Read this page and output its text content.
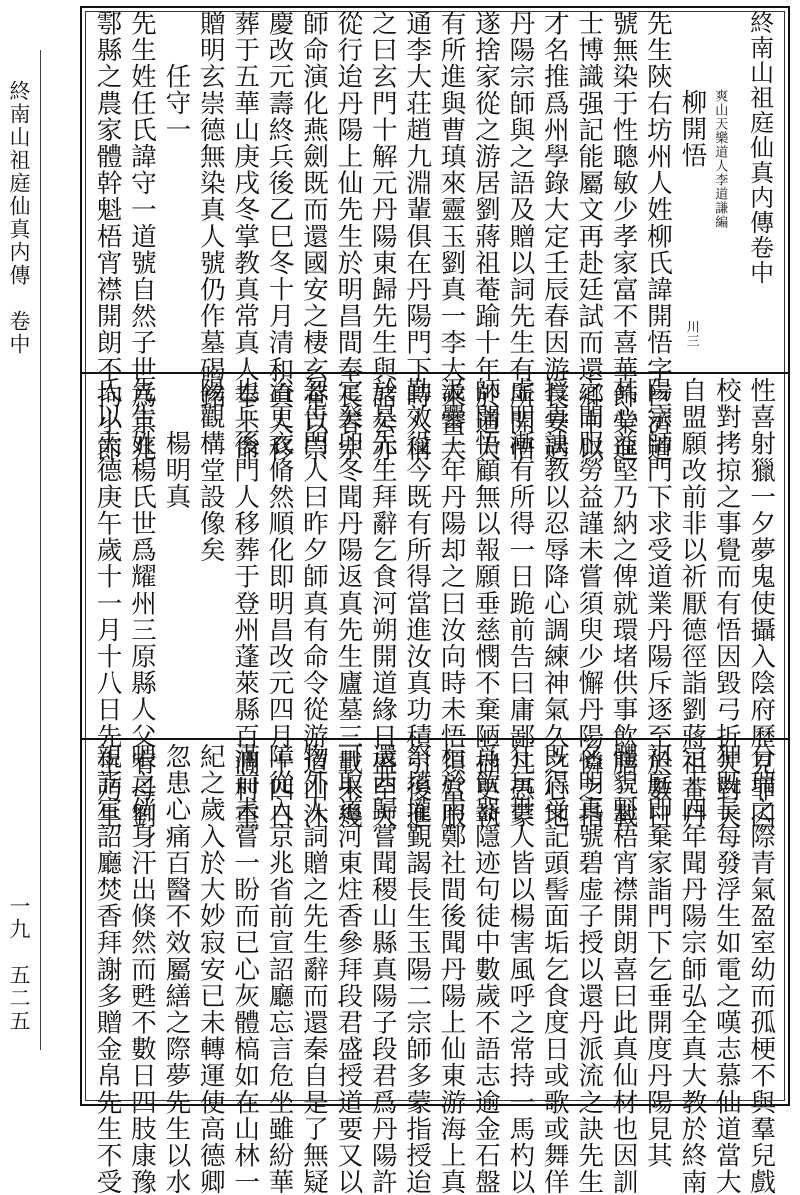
終南山祖庭仙真内傳　卷中
一九　五二五
終南山祖庭仙真内傳卷中
爽山天樂道人李道謙編
柳開悟
先生陝右坊州人姓柳氏諱開悟字巨濟道
號無染于性聰敏少孝家富不喜華飾業進
士博識强記能屬文再赴廷試而還鄉中以
才名推爲州學錄大定壬辰春因游長安遇
丹陽宗師與之語及贈以詞先生有所開悟
遂捨家從之游居劉蔣祖菴踰十年於道大
有所進與曹瑱來靈玉劉真一李大乘雷大
通李大荘趙九淵輩俱在丹陽門下時人稱
之曰玄門十解元丹陽東歸先生與諸公亦
從行迨丹陽上仙先生於明昌間奉長春宗
師命演化燕劍既而還國安之棲玄菴以崇
慶改元壽終兵後乙巳冬十月清和真人移
葬于五華山庚戌冬掌教真常真人奉上命
贈明玄崇德無染真人號仍作墓碣銘
任守一
先生姓任氏諱守一道號自然子世爲京兆
鄠縣之農家體幹魁梧宵襟開朗不拘小節	川三
性喜射獵一夕夢鬼使攝入陰府歷見罪囚
校對拷掠之事覺而有悟因毀弓折矢對天
自盟願改前非以祈厭德徑詣劉蔣祖菴丹
陽宗師門下求受道業丹陽斥逐至於數日
其心益堅乃納之俾就環堵供事飲膳三載
之間服勞益謹未嘗須臾少懈丹陽憐之指
授真訣教以忍辱降心調練神氣久之心地
虚明漸有所得一日跪前告曰庸鄙凡愚蒙
師開悟顧無以報願垂慈憫不棄陋拙更執
汲爨三年丹陽却之曰汝向時未悟須當服
勤效役今既有所得當進汝真功積引後進
於是先生拜辭乞食河朔開道緣日盛至大
定癸卯冬聞丹陽返真先生廬墓三載未幾
忽告門人曰昨夕師真有命令從游道山沐
浴更衣脩然順化即明昌改元四月十四日
也兵後門人移葬于登州蓬萊縣百澗村重
陽觀構堂設像矣
楊明真
先生姓楊氏世爲耀州三原縣人父宥母劉
氏以天德庚午歲十一月十八日先生乃生
分瑞之際青氣盈室幼而孤梗不與羣兒戲
狎既長每發浮生如電之嘆志慕仙道當大
定十四年聞丹陽宗師弘全真大教於終南
祖庭即棄家詣門下乞垂開度丹陽見其
體貌魁梧宵襟開朗喜曰此真仙材也因訓
名明真號碧虚子授以還丹派流之訣先生
既得受記頭髻面垢乞食度日或歌或舞佯
狂玩世人皆以楊害風呼之常持一馬杓以
爲飲器隱迹句徒中數歲不語志逾金石盤
桓於南鄭社間後聞丹陽上仙東游海上真
祭墳壠覲謁長生玉陽二宗師多蒙指授迨
還西歸嘗聞稷山縣真陽子段君爲丹陽許
可取道河東炷香參拜段君盛授道要又以
物外人詞贈之先生辭而還秦自是了無疑
障從入京兆省前宣詔廳忘言危坐雖紛華
滿前未嘗一盼而已心灰體槁如在山林一
紀之歲入於大妙寂安已未轉運使高德卿
忽患心痛百醫不效屬繕之際夢先生以水
喂之倘身汗出倏然而甦不數日四肢康豫
親詣宣詔廳焚香拜謝多贈金帛先生不受
